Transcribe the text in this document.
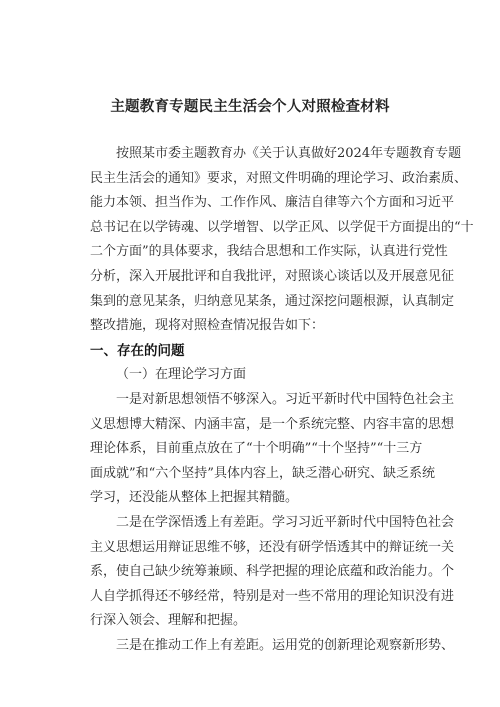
主题教育专题民主生活会个人对照检查材料
按照某市委主题教育办《关于认真做好2024年专题教育专题
民主生活会的通知》要求，对照文件明确的理论学习、政治素质、
能力本领、担当作为、工作作风、廉洁自律等六个方面和习近平
总书记在以学铸魂、以学增智、以学正风、以学促干方面提出的“十
二个方面”的具体要求，我结合思想和工作实际，认真进行党性
分析，深入开展批评和自我批评，对照谈心谈话以及开展意见征
集到的意见某条，归纳意见某条，通过深挖问题根源，认真制定
整改措施，现将对照检查情况报告如下：
一、存在的问题
（一）在理论学习方面
一是对新思想领悟不够深入。习近平新时代中国特色社会主
义思想博大精深、内涵丰富，是一个系统完整、内容丰富的思想
理论体系，目前重点放在了“十个明确”“十个坚持”“十三方
面成就”和“六个坚持”具体内容上，缺乏潜心研究、缺乏系统
学习，还没能从整体上把握其精髓。
二是在学深悟透上有差距。学习习近平新时代中国特色社会
主义思想运用辩证思维不够，还没有研学悟透其中的辩证统一关
系，使自己缺少统筹兼顾、科学把握的理论底蕴和政治能力。个
人自学抓得还不够经常，特别是对一些不常用的理论知识没有进
行深入领会、理解和把握。
三是在推动工作上有差距。运用党的创新理论观察新形势、
